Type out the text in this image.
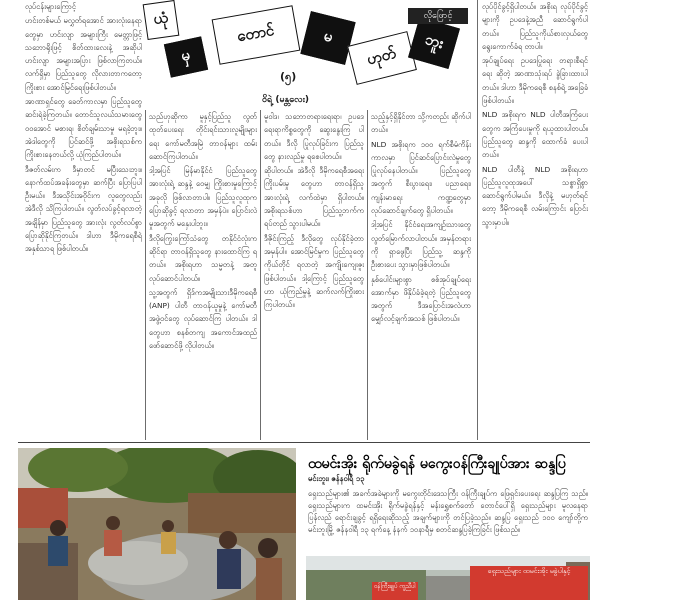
ယုံ
မှ
တောင်	မ
ဟုတ်
ဘူး
လိုဖြောင့်
(၅)
ဝိရဲ့ (မန္တလေး)

လုပ်ငန်းများကြောင့်

ဟင်းတစ်မယ် မလွှတ်ရအောင် အားလုံးနေရာတွေမှာ ဟင်းလျာ အများကြီး မေတ္တာဖြင့် သဘောရိုးဖြင့် စိတ်ထားလေးနဲ့ အဆိုပါ ဟင်းလျာ အများအပြား ဖြစ်လာကြတယ်။ လက်ရှိမှာ ပြည်သူတွေ လိုလားတာကတော့ ကြိုးစား အောင်မြင်ရေးဖြစ်ပါတယ်။

အာဏာရှင်တွေ ခေတ်ကာလမှာ ပြည်သူတွေ ဆင်းရဲခဲ့ကြတယ်။ တောင်သူလယ်သမားတွေ ၀ဝအောင် မစားရ၊ စိတ်ချမ်းသာမှု မရခဲ့ဘူး။ အဲဒါတွေကို ပြင်ဆင်ဖို့ အစိုးရသစ်က ကြိုးစားနေတယ်လို့ ယုံကြည်ပါတယ်။

ဒီဇတ်လမ်းက ဒီမှာတင် မပြီးသေးဘူး။ နောက်ထပ်အခန်းတွေမှာ ဆက်ပြီး ပြောပြပါဦးမယ်။ ဒီအသိုင်းအဝိုင်းက လူတွေလည်း အဲဒီလို သိကြပါတယ်။ လွတ်လပ်ခွင့်ရလာတဲ့ အချိန်မှာ ပြည်သူတွေ အားလုံး လွတ်လပ်စွာ ပြောဆိုနိုင်ကြတယ်။ ဒါဟာ ဒီမိုကရေစီရဲ့ အနှစ်သာရ ဖြစ်ပါတယ်။

သည်ဟုဆိုကာ မူနှင့်ပြည်သူ လွတ်ထုတ်ပေးရေး တိုင်းရင်းသားလူမျိုးများရေး ကော်မတီအမြဲ တာဝန်များ ထမ်းဆောင်ကြပါတယ်။

ဒါ့အပြင် မြန်မာနိုင်ငံ ပြည်သူတွေ အားလုံးရဲ့ ဆန္ဒနဲ့ ဝေမျှ ကြိုးစားမှုကြောင့် အခုလို ဖြစ်လာတာပါ။ ပြည်သူလူထုက ပြောဆိုခွင့် ရလာတာ အမှန်ပဲ။ ပြောင်းလဲမှုအတွက် မနှေးပါဘူး။

ဒီလိုကြွေးကြော်သံတွေ တနိုင်ငံလုံးက ဆိုင်ရာ တာဝန်ရှိသူတွေ နားထောင်ကြ ရတယ်။ အစိုးရဟာ သမ္မတနဲ့ အတူ လုပ်ဆောင်ပါတယ်။

သူ့အတွက် ရှိဒ်ကအမျိုးသားဒီမိုကရေစီ (ANP) ပါတီ တာဝန်ယူမှုနဲ့ ကော်မတီ အဖွဲ့ဝင်တွေ လုပ်ဆောင်ကြ ပါတယ်။ ဒါတွေဟာ စနစ်တကျ အကောင်အထည် ဖော်ဆောင်ဖို့ လိုပါတယ်။

မူဝါဒ၊ သဘောတရားရေးရာ၊ ဥပဒေရေးရာကိစ္စတွေကို ဆွေးနွေးကြ ပါတယ်။ ဒီလို ပြုလုပ်ခြင်းက ပြည်သူတွေ နားလည်မှု ရစေပါတယ်။

ဆိုပါတယ်။ အဲဒီလို ဒီမိုကရေစီအရေး ကြိုးပမ်းမှု တွေဟာ တာဝန်ရှိသူ အားလုံးရဲ့ လက်ထဲမှာ ရှိပါတယ်။ အစိုးရသစ်ဟာ ပြည်သူ့ဘက်က ရပ်တည် သွားပါမယ်။

ဒီဇိုင်းကြည့် ဒီလိုတွေ လုပ်နိုင်ခဲ့တာ အမှန်ပါ။ အောင်မြင်မှုက ပြည်သူတွေ ကိုယ်တိုင် ရလာတဲ့ အကျိုးကျေးဇူး ဖြစ်ပါတယ်။ ဒါ့ကြောင့် ပြည်သူတွေဟာ ယုံကြည်မှုနဲ့ ဆက်လက်ကြိုးစား ကြပါတယ်။

သည့်နှင့်ရှိနိုင်တာ သို့ကတည်း ဆိုက်ပါတယ်။

NLD အစိုးရက ၁၀၀ ရက်စီမံကိန်းကာလမှာ ပြင်ဆင်ပြောင်းလဲမှုတွေ ပြုလုပ်နေပါတယ်။ ပြည်သူတွေ အတွက် စီးပွားရေး၊ ပညာရေး၊ ကျန်းမာရေး ကဏ္ဍတွေမှာ လုပ်ဆောင်ချက်တွေ ရှိပါတယ်။

ဒါ့အပြင် နိုင်ငံရေးအကျဉ်းသားတွေ လွတ်မြောက်လာပါတယ်။ အမှန်တရားကို ရှာဖွေပြီး ပြည်သူ့ ဆန္ဒကို ဦးစားပေး သွားမှာဖြစ်ပါတယ်။

နှစ်ပေါင်းများစွာ စစ်အုပ်ချုပ်ရေး အောက်မှာ ဖိနှိပ်ခံခဲ့ရတဲ့ ပြည်သူတွေ အတွက် ဒီအပြောင်းအလဲဟာ မျှော်လင့်ချက်အသစ် ဖြစ်ပါတယ်။

လုပ်ပိုင်ခွင့်ရှိပါတယ်။ အစိုးရ လုပ်ပိုင်ခွင့်များကို ဥပဒေနဲ့အညီ ဆောင်ရွက်ပါတယ်။ ပြည်သူကိုယ်စားလှယ်တွေ ရွေးကောက်ခံရ တာပါ။

အုပ်ချုပ်ရေး ဥပဒေပြုရေး တရားစီရင်ရေး ဆိုတဲ့ အာဏာသုံးရပ် ခွဲခြားထားပါတယ်။ ဒါဟာ ဒီမိုကရေစီ စနစ်ရဲ့ အခြေခံ ဖြစ်ပါတယ်။

NLD အစိုးရက NLD ပါတီအကြံပေးတွေက အကြံပေးမှုကို ရယူထားပါတယ်။ ပြည်သူတွေ ဆန္ဒကို ထောက်ခံ ပေးပါတယ်။

NLD ပါတီနဲ့ NLD အစိုးရဟာ ပြည်သူလူထုအပေါ် သစ္စာရှိစွာ ဆောင်ရွက်ပါမယ်။ ဒီလိုနဲ့ မဟုတ်ရင်တော့ ဒီမိုကရေစီ လမ်းကြောင်း ပြောင်းသွားမှာပါ။

ထမင်းအိုး ရိုက်မခွဲရန် မကွေးဝန်ကြီးချုပ်အား ဆန္ဒပြ
မင်းဘူး၊ ဇန်နဝါရီ ၁၃

ရှေးသည်များ၏ အခက်အခဲများကို မကွေးတိုင်းဒေသကြီး ဝန်ကြီးချုပ်က ဖြေရှင်းပေးရေး ဆန္ဒပြကြ သည်။ ရှေးသည်များက ထမင်းအိုး ရိုက်မခွဲရန်နှင့် မန်းရွှေစက်တော် တောင်ပေါ်ရှိ ရှေးသည်များ မူလနေရာ ပြန်လည် ရောင်းချခွင့် ရရှိရေးဆိုသည့် အချက်များကို တင်ပြခဲ့သည်။ ဆန္ဒပြ ရှေးသည် ၁၀၀ ကျော်တို့က မင်းဘူးမြို့ ဇန်နဝါရီ ၁၃ ရက်နေ့ နံနက် ၁၀နာရီမှ စတင်ဆန္ဒပြခဲ့ကြခြင်း ဖြစ်သည်။

ဝန်ကြီးချုပ် ကူညီပါ
ရှေးသည်များ ထမင်းအိုး မခွဲပါနှင့်
